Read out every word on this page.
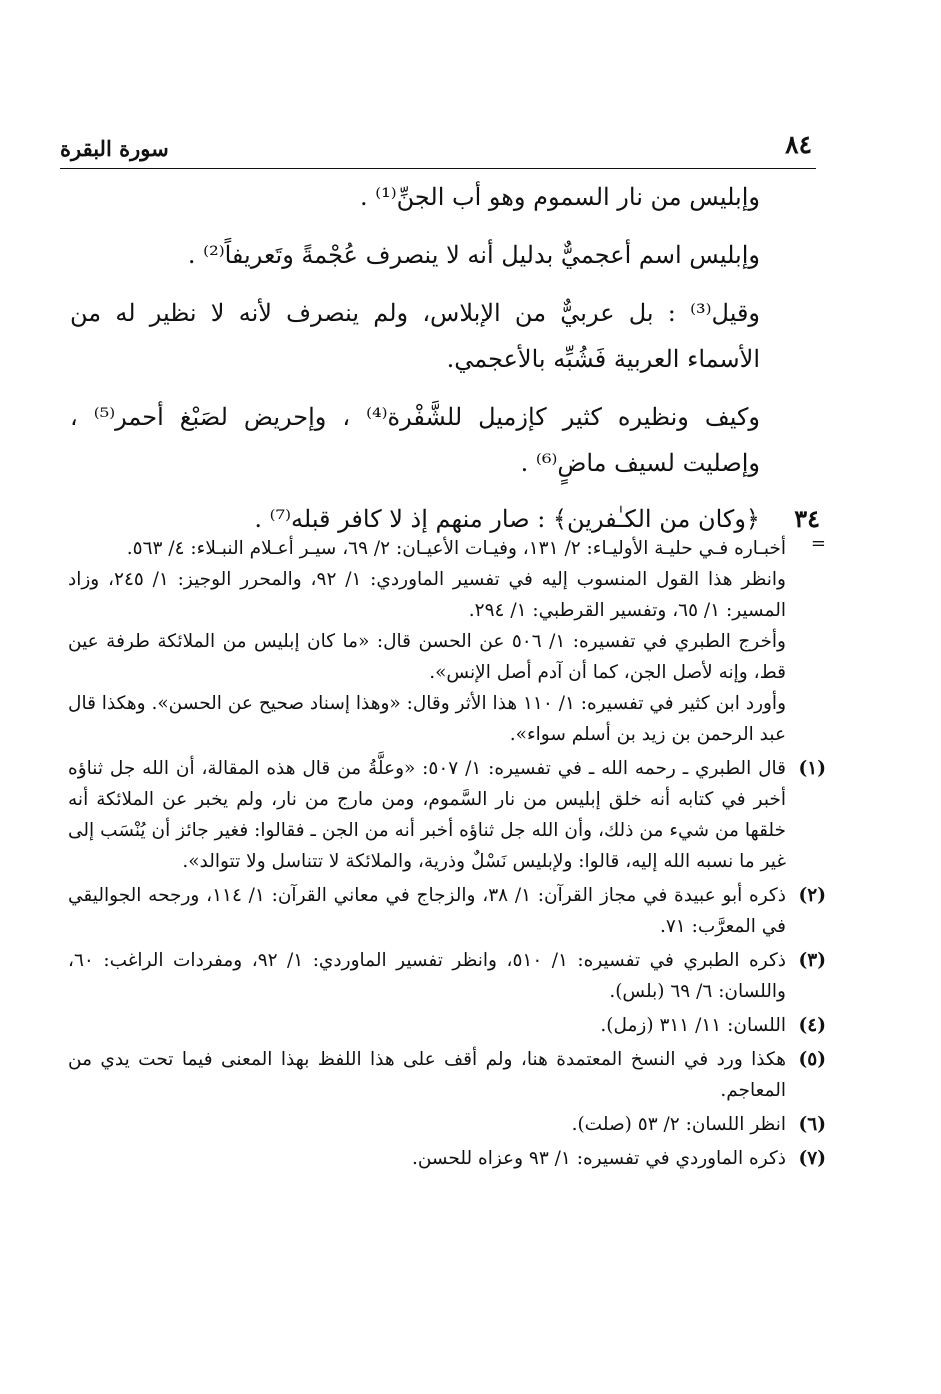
٨٤
سورة البقرة

وإبليس من نار السموم وهو أب الجنِّ⁽¹⁾ .

وإبليس اسم أعجميٌّ بدليل أنه لا ينصرف عُجْمةً وتَعريفاً⁽²⁾ .

وقيل⁽³⁾ : بل عربيٌّ من الإبلاس، ولم ينصرف لأنه لا نظير له من الأسماء العربية فَشُبِّه بالأعجمي.

وكيف ونظيره كثير كإزميل للشَّفْرة⁽⁴⁾ ، وإحريض لصَبْغ أحمر⁽⁵⁾ ، وإصليت لسيف ماضٍ⁽⁶⁾ .

٣٤

﴿وكان من الكـٰفرين﴾ : صار منهم إذ لا كافر قبله⁽⁷⁾ .

=

أخبـاره فـي حليـة الأوليـاء: ٢/ ١٣١، وفيـات الأعيـان: ٢/ ٦٩، سيـر أعـلام النبـلاء: ٤/ ٥٦٣.

وانظر هذا القول المنسوب إليه في تفسير الماوردي: ١/ ٩٢، والمحرر الوجيز: ١/ ٢٤٥، وزاد المسير: ١/ ٦٥، وتفسير القرطبي: ١/ ٢٩٤.

وأخرج الطبري في تفسيره: ١/ ٥٠٦ عن الحسن قال: «ما كان إبليس من الملائكة طرفة عين قط، وإنه لأصل الجن، كما أن آدم أصل الإنس».

وأورد ابن كثير في تفسيره: ١/ ١١٠ هذا الأثر وقال: «وهذا إسناد صحيح عن الحسن». وهكذا قال عبد الرحمن بن زيد بن أسلم سواء».

(١)

قال الطبري ـ رحمه الله ـ في تفسيره: ١/ ٥٠٧: «وعلَّةُ من قال هذه المقالة، أن الله جل ثناؤه أخبر في كتابه أنه خلق إبليس من نار السَّموم، ومن مارج من نار، ولم يخبر عن الملائكة أنه خلقها من شيء من ذلك، وأن الله جل ثناؤه أخبر أنه من الجن ـ فقالوا: فغير جائز أن يُنْسَب إلى غير ما نسبه الله إليه، قالوا: ولإبليس نَسْلٌ وذرية، والملائكة لا تتناسل ولا تتوالد».

(٢)

ذكره أبو عبيدة في مجاز القرآن: ١/ ٣٨، والزجاج في معاني القرآن: ١/ ١١٤، ورجحه الجواليقي في المعرَّب: ٧١.

(٣)

ذكره الطبري في تفسيره: ١/ ٥١٠، وانظر تفسير الماوردي: ١/ ٩٢، ومفردات الراغب: ٦٠، واللسان: ٦/ ٦٩ (بلس).

(٤)

اللسان: ١١/ ٣١١ (زمل).

(٥)

هكذا ورد في النسخ المعتمدة هنا، ولم أقف على هذا اللفظ بهذا المعنى فيما تحت يدي من المعاجم.

(٦)

انظر اللسان: ٢/ ٥٣ (صلت).

(٧)

ذكره الماوردي في تفسيره: ١/ ٩٣ وعزاه للحسن.
